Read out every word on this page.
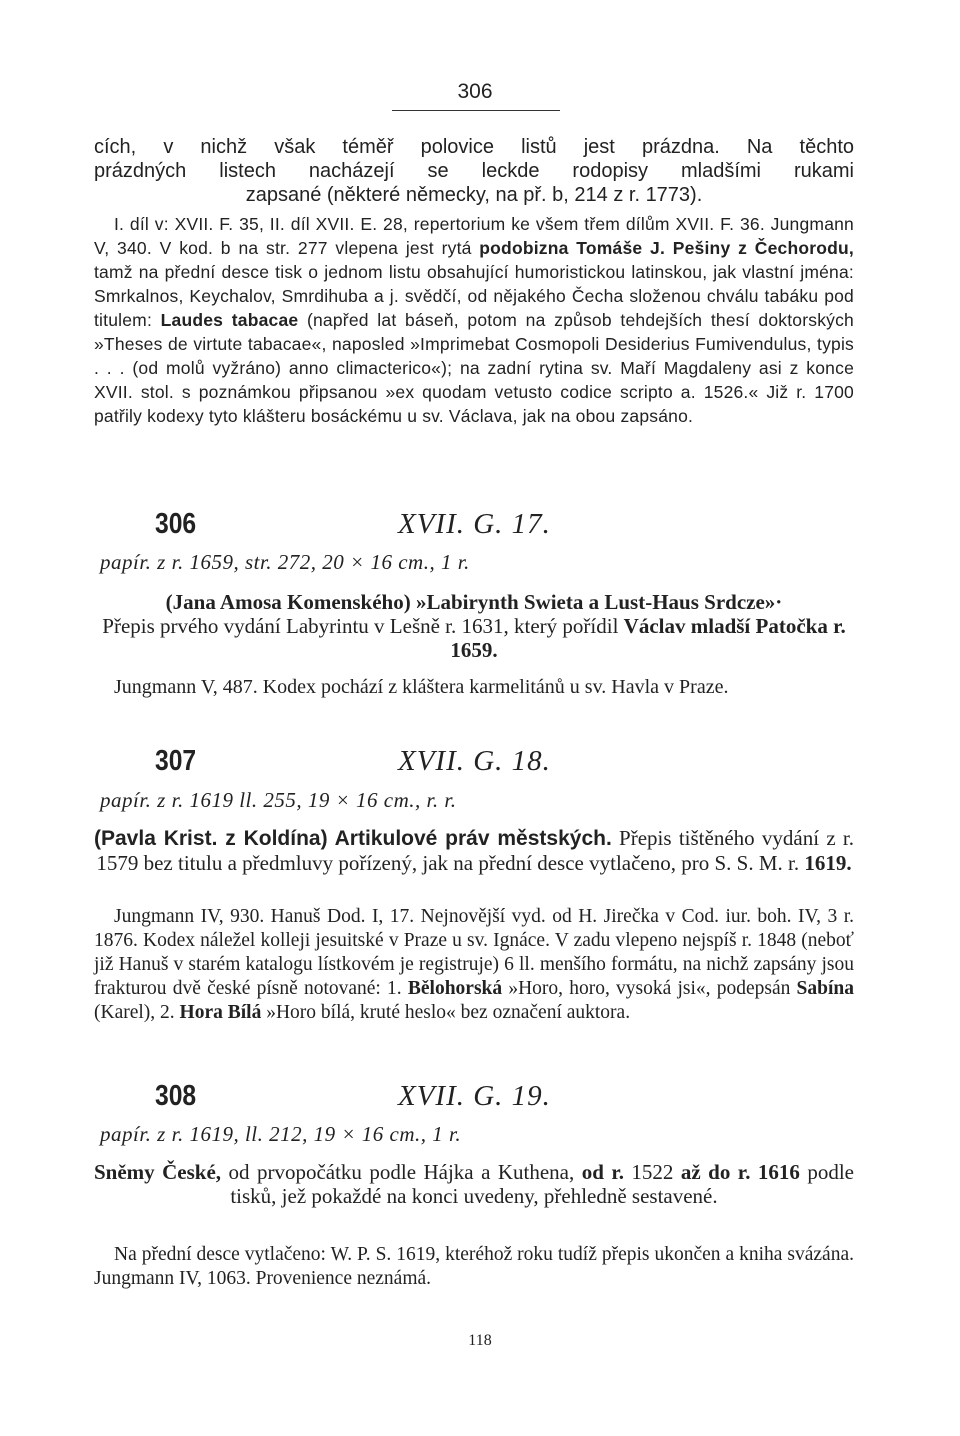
306
cích, v nichž však téměř polovice listů jest prázdna. Na těchto
prázdných listech nacházejí se leckde rodopisy mladšími rukami
zapsané (některé německy, na př. b, 214 z r. 1773).
I. díl v: XVII. F. 35, II. díl XVII. E. 28, repertorium ke všem třem dílům XVII. F. 36. Jungmann V, 340. V kod. b na str. 277 vlepena jest rytá podobizna Tomáše J. Pešiny z Čechorodu, tamž na přední desce tisk o jednom listu obsahující humoristickou latinskou, jak vlastní jména: Smrkalnos, Keychalov, Smrdihuba a j. svědčí, od nějakého Čecha složenou chválu tabáku pod titulem: Laudes tabacae (napřed lat báseň, potom na způsob tehdejších thesí doktorských »Theses de virtute tabacae«, naposled »Imprimebat Cosmopoli Desiderius Fumivendulus, typis . . . (od molů vyžráno) anno climacterico«); na zadní rytina sv. Maří Magdaleny asi z konce XVII. stol. s poznámkou připsanou »ex quodam vetusto codice scripto a. 1526.« Již r. 1700 patřily kodexy tyto klášteru bosáckému u sv. Václava, jak na obou zapsáno.
306	XVII. G. 17.
papír. z r. 1659, str. 272, 20 × 16 cm., 1 r.
(Jana Amosa Komenského) »Labirynth Swieta a Lust-Haus Srdcze»·
Přepis prvého vydání Labyrintu v Lešně r. 1631, který pořídil Václav mladší Patočka r. 1659.
Jungmann V, 487. Kodex pochází z kláštera karmelitánů u sv. Havla v Praze.
307	XVII. G. 18.
papír. z r. 1619 ll. 255, 19 × 16 cm., r. r.
(Pavla Krist. z Koldína) Artikulové práv městských. Přepis tištěného vydání z r. 1579 bez titulu a předmluvy pořízený, jak na přední desce vytlačeno, pro S. S. M. r. 1619.
Jungmann IV, 930. Hanuš Dod. I, 17. Nejnovější vyd. od H. Jirečka v Cod. iur. boh. IV, 3 r. 1876. Kodex náležel kolleji jesuitské v Praze u sv. Ignáce. V zadu vlepeno nejspíš r. 1848 (neboť již Hanuš v starém katalogu lístkovém je registruje) 6 ll. menšího formátu, na nichž zapsány jsou frakturou dvě české písně notované: 1. Bělohorská »Horo, horo, vysoká jsi«, podepsán Sabína (Karel), 2. Hora Bílá »Horo bílá, kruté heslo« bez označení auktora.
308	XVII. G. 19.
papír. z r. 1619, ll. 212, 19 × 16 cm., 1 r.
Sněmy České, od prvopočátku podle Hájka a Kuthena, od r. 1522 až do r. 1616 podle tisků, jež pokaždé na konci uvedeny, přehledně sestavené.
Na přední desce vytlačeno: W. P. S. 1619, kteréhož roku tudíž přepis ukončen a kniha svázána. Jungmann IV, 1063. Provenience neznámá.
118
